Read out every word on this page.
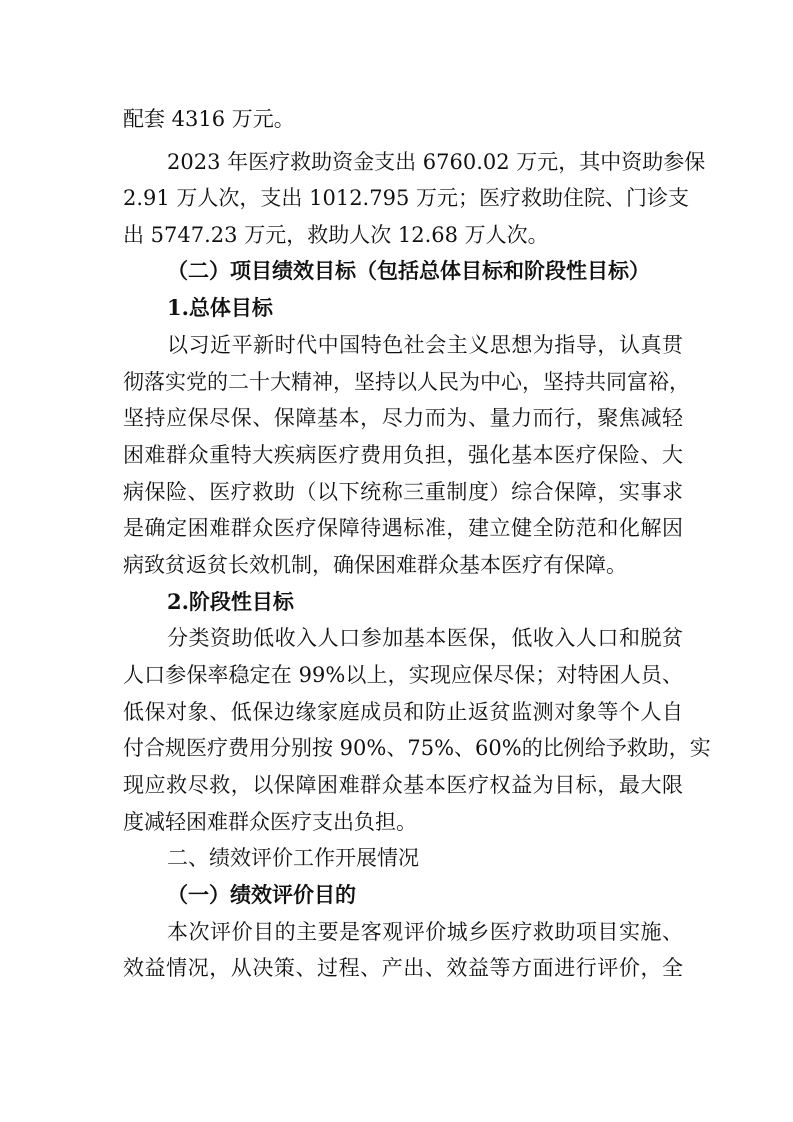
配套 4316 万元。
2023 年医疗救助资金支出 6760.02 万元，其中资助参保
2.91 万人次，支出 1012.795 万元；医疗救助住院、门诊支
出 5747.23 万元，救助人次 12.68 万人次。
（二）项目绩效目标（包括总体目标和阶段性目标）
1.总体目标
以习近平新时代中国特色社会主义思想为指导，认真贯
彻落实党的二十大精神，坚持以人民为中心，坚持共同富裕，
坚持应保尽保、保障基本，尽力而为、量力而行，聚焦减轻
困难群众重特大疾病医疗费用负担，强化基本医疗保险、大
病保险、医疗救助（以下统称三重制度）综合保障，实事求
是确定困难群众医疗保障待遇标准，建立健全防范和化解因
病致贫返贫长效机制，确保困难群众基本医疗有保障。
2.阶段性目标
分类资助低收入人口参加基本医保，低收入人口和脱贫
人口参保率稳定在 99%以上，实现应保尽保；对特困人员、
低保对象、低保边缘家庭成员和防止返贫监测对象等个人自
付合规医疗费用分别按 90%、75%、60%的比例给予救助，实
现应救尽救，以保障困难群众基本医疗权益为目标，最大限
度减轻困难群众医疗支出负担。
二、绩效评价工作开展情况
（一）绩效评价目的
本次评价目的主要是客观评价城乡医疗救助项目实施、
效益情况，从决策、过程、产出、效益等方面进行评价，全
